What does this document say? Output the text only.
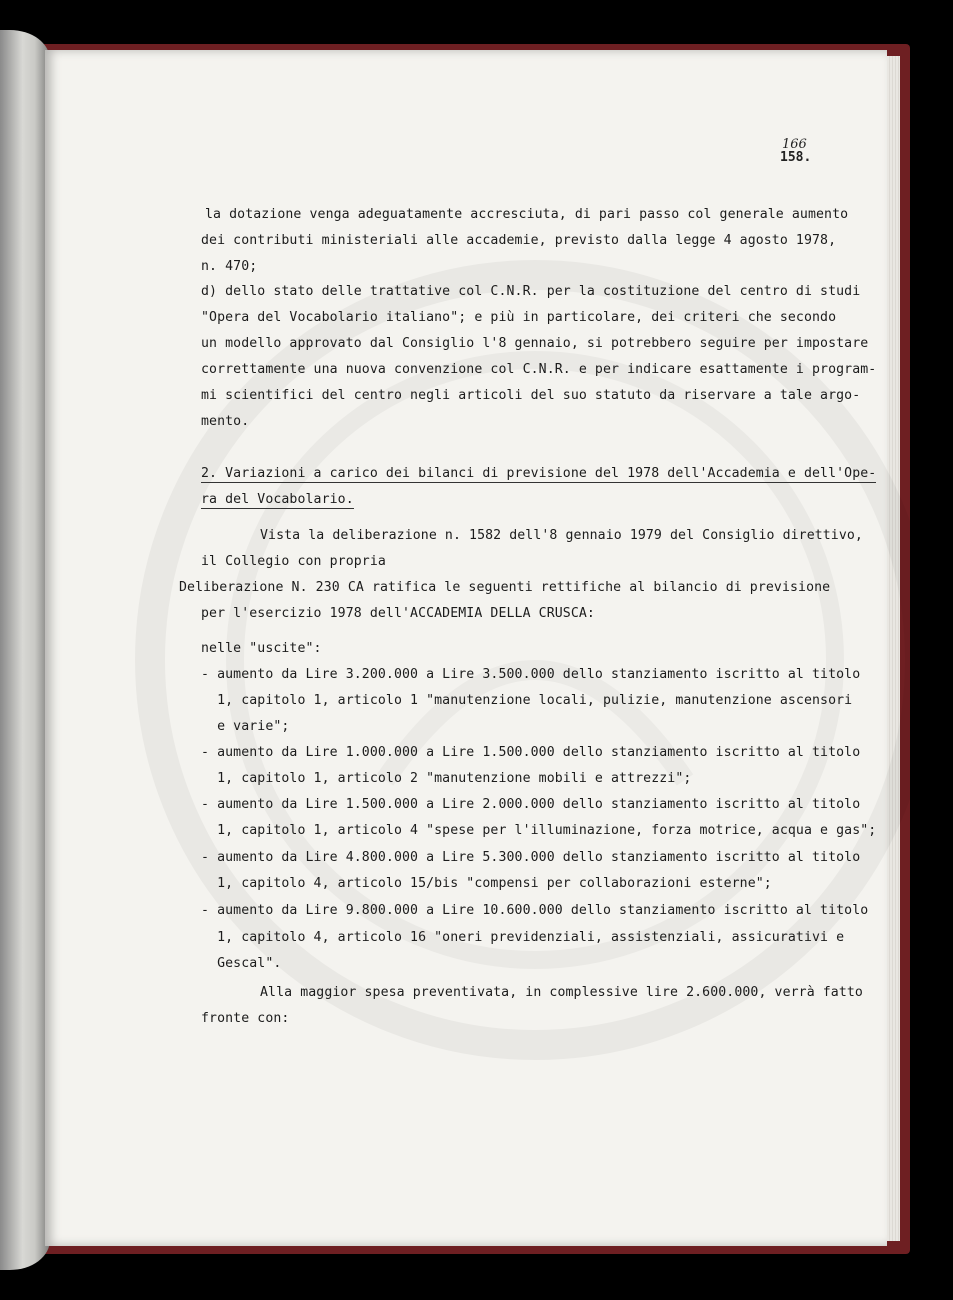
166
158.
la dotazione venga adeguatamente accresciuta, di pari passo col generale aumento
dei contributi ministeriali alle accademie, previsto dalla legge 4 agosto 1978,
n. 470;
d) dello stato delle trattative col C.N.R. per la costituzione del centro di studi
"Opera del Vocabolario italiano"; e più in particolare, dei criteri che secondo
un modello approvato dal Consiglio l'8 gennaio, si potrebbero seguire per impostare
correttamente una nuova convenzione col C.N.R. e per indicare esattamente i program-
mi scientifici del centro negli articoli del suo statuto da riservare a tale argo-
mento.
2. Variazioni a carico dei bilanci di previsione del 1978 dell'Accademia e dell'Ope-
ra del Vocabolario.
Vista la deliberazione n. 1582 dell'8 gennaio 1979 del Consiglio direttivo,
il Collegio con propria
Deliberazione N. 230 CA ratifica le seguenti rettifiche al bilancio di previsione
per l'esercizio 1978 dell'ACCADEMIA DELLA CRUSCA:
nelle "uscite":
- aumento da Lire 3.200.000 a Lire 3.500.000 dello stanziamento iscritto al titolo
1, capitolo 1, articolo 1 "manutenzione locali, pulizie, manutenzione ascensori
e varie";
- aumento da Lire 1.000.000 a Lire 1.500.000 dello stanziamento iscritto al titolo
1, capitolo 1, articolo 2 "manutenzione mobili e attrezzi";
- aumento da Lire 1.500.000 a Lire 2.000.000 dello stanziamento iscritto al titolo
1, capitolo 1, articolo 4 "spese per l'illuminazione, forza motrice, acqua e gas";
- aumento da Lire 4.800.000 a Lire 5.300.000 dello stanziamento iscritto al titolo
1, capitolo 4, articolo 15/bis "compensi per collaborazioni esterne";
- aumento da Lire 9.800.000 a Lire 10.600.000 dello stanziamento iscritto al titolo
1, capitolo 4, articolo 16 "oneri previdenziali, assistenziali, assicurativi e
Gescal".
Alla maggior spesa preventivata, in complessive lire 2.600.000, verrà fatto
fronte con:
